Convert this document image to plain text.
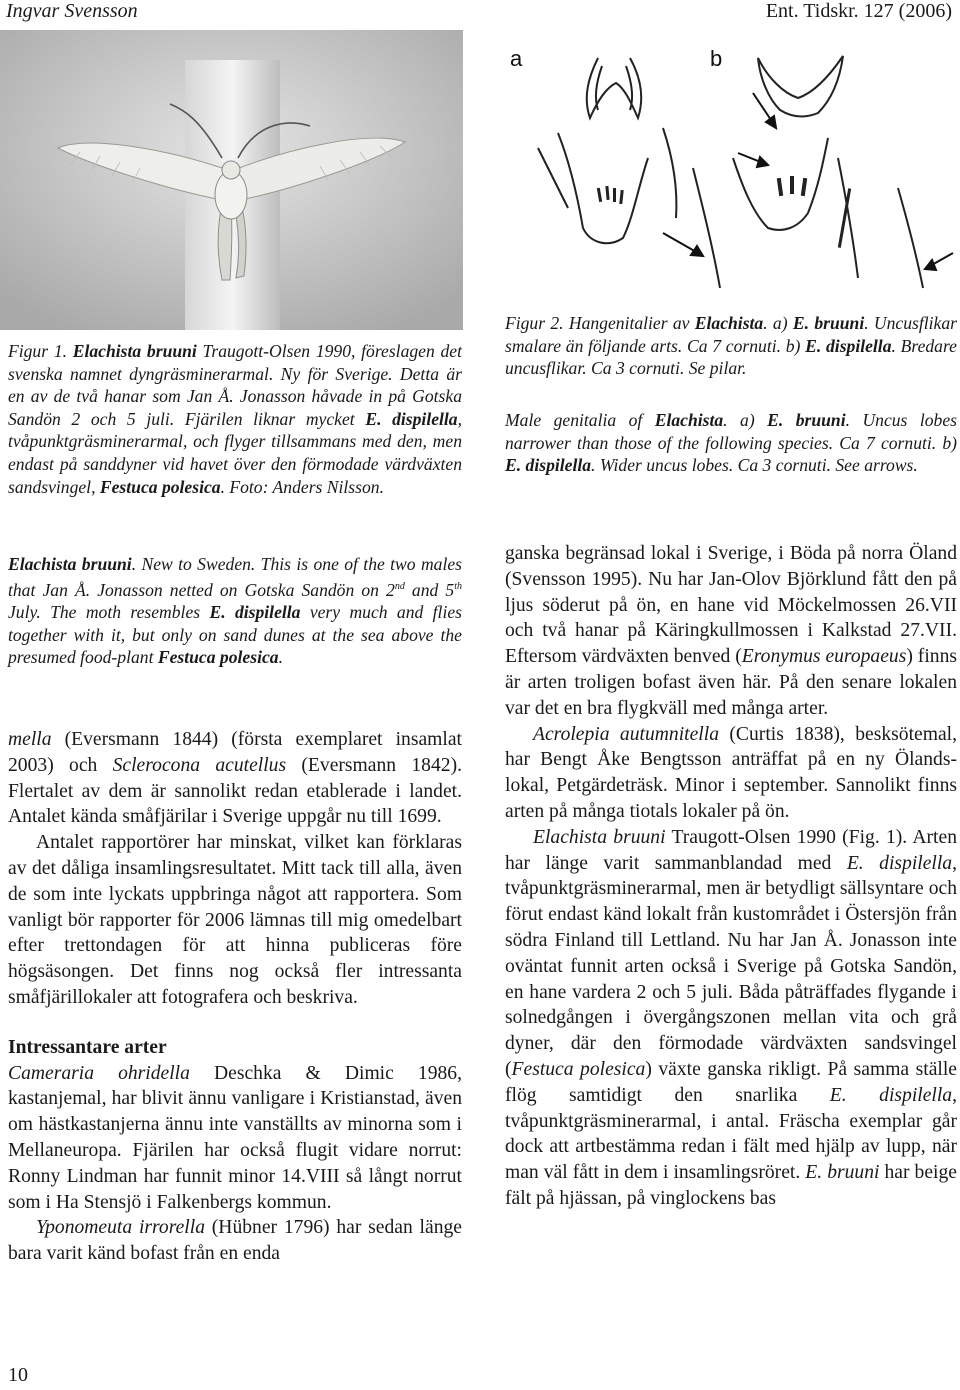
Ingvar Svensson	Ent. Tidskr. 127 (2006)
a	b
Figur 1. Elachista bruuni Traugott-Olsen 1990, föreslagen det svenska namnet dyngräsminerarmal. Ny för Sverige. Detta är en av de två hanar som Jan Å. Jonasson håvade in på Gotska Sandön 2 och 5 juli. Fjärilen liknar mycket E. dispilella, tvåpunktgräsminerarmal, och flyger tillsammans med den, men endast på sanddyner vid havet över den förmodade värdväxten sandsvingel, Festuca polesica. Foto: Anders Nilsson.
Elachista bruuni. New to Sweden. This is one of the two males that Jan Å. Jonasson netted on Gotska Sandön on 2nd and 5th July. The moth resembles E. dispilella very much and flies together with it, but only on sand dunes at the sea above the presumed food-plant Festuca polesica.
Figur 2. Hangenitalier av Elachista. a) E. bruuni. Uncusflikar smalare än följande arts. Ca 7 cornuti. b) E. dispilella. Bredare uncusflikar. Ca 3 cornuti. Se pilar.
Male genitalia of Elachista. a) E. bruuni. Uncus lobes narrower than those of the following species. Ca 7 cornuti. b) E. dispilella. Wider uncus lobes. Ca 3 cornuti. See arrows.

mella (Eversmann 1844) (första exemplaret insamlat 2003) och Sclerocona acutellus (Eversmann 1842). Flertalet av dem är sannolikt redan etablerade i landet. Antalet kända småfjärilar i Sverige uppgår nu till 1699.

Antalet rapportörer har minskat, vilket kan förklaras av det dåliga insamlingsresultatet. Mitt tack till alla, även de som inte lyckats uppbringa något att rapportera. Som vanligt bör rapporter för 2006 lämnas till mig omedelbart efter trettondagen för att hinna publiceras före högsäsongen. Det finns nog också fler intressanta småfjärillokaler att fotografera och beskriva.

Intressantare arter

Cameraria ohridella Deschka & Dimic 1986, kastanjemal, har blivit ännu vanligare i Kristianstad, även om hästkastanjerna ännu inte vanställts av minorna som i Mellaneuropa. Fjärilen har också flugit vidare norrut: Ronny Lindman har funnit minor 14.VIII så långt norrut som i Ha Stensjö i Falkenbergs kommun.

Yponomeuta irrorella (Hübner 1796) har sedan länge bara varit känd bofast från en enda

ganska begränsad lokal i Sverige, i Böda på norra Öland (Svensson 1995). Nu har Jan-Olov Björklund fått den på ljus söderut på ön, en hane vid Möckelmossen 26.VII och två hanar på Käringkullmossen i Kalkstad 27.VII. Eftersom värdväxten benved (Eronymus europaeus) finns är arten troligen bofast även här. På den senare lokalen var det en bra flygkväll med många arter.

Acrolepia autumnitella (Curtis 1838), besksötemal, har Bengt Åke Bengtsson anträffat på en ny Ölands-lokal, Petgärdeträsk. Minor i september. Sannolikt finns arten på många tiotals lokaler på ön.

Elachista bruuni Traugott-Olsen 1990 (Fig. 1). Arten har länge varit sammanblandad med E. dispilella, tvåpunktgräsminerarmal, men är betydligt sällsyntare och förut endast känd lokalt från kustområdet i Östersjön från södra Finland till Lettland. Nu har Jan Å. Jonasson inte oväntat funnit arten också i Sverige på Gotska Sandön, en hane vardera 2 och 5 juli. Båda påträffades flygande i solnedgången i övergångszonen mellan vita och grå dyner, där den förmodade värdväxten sandsvingel (Festuca polesica) växte ganska rikligt. På samma ställe flög samtidigt den snarlika E. dispilella, tvåpunktgräsminerarmal, i antal. Fräscha exemplar går dock att artbestämma redan i fält med hjälp av lupp, när man väl fått in dem i insamlingsröret. E. bruuni har beige fält på hjässan, på vinglockens bas

10
